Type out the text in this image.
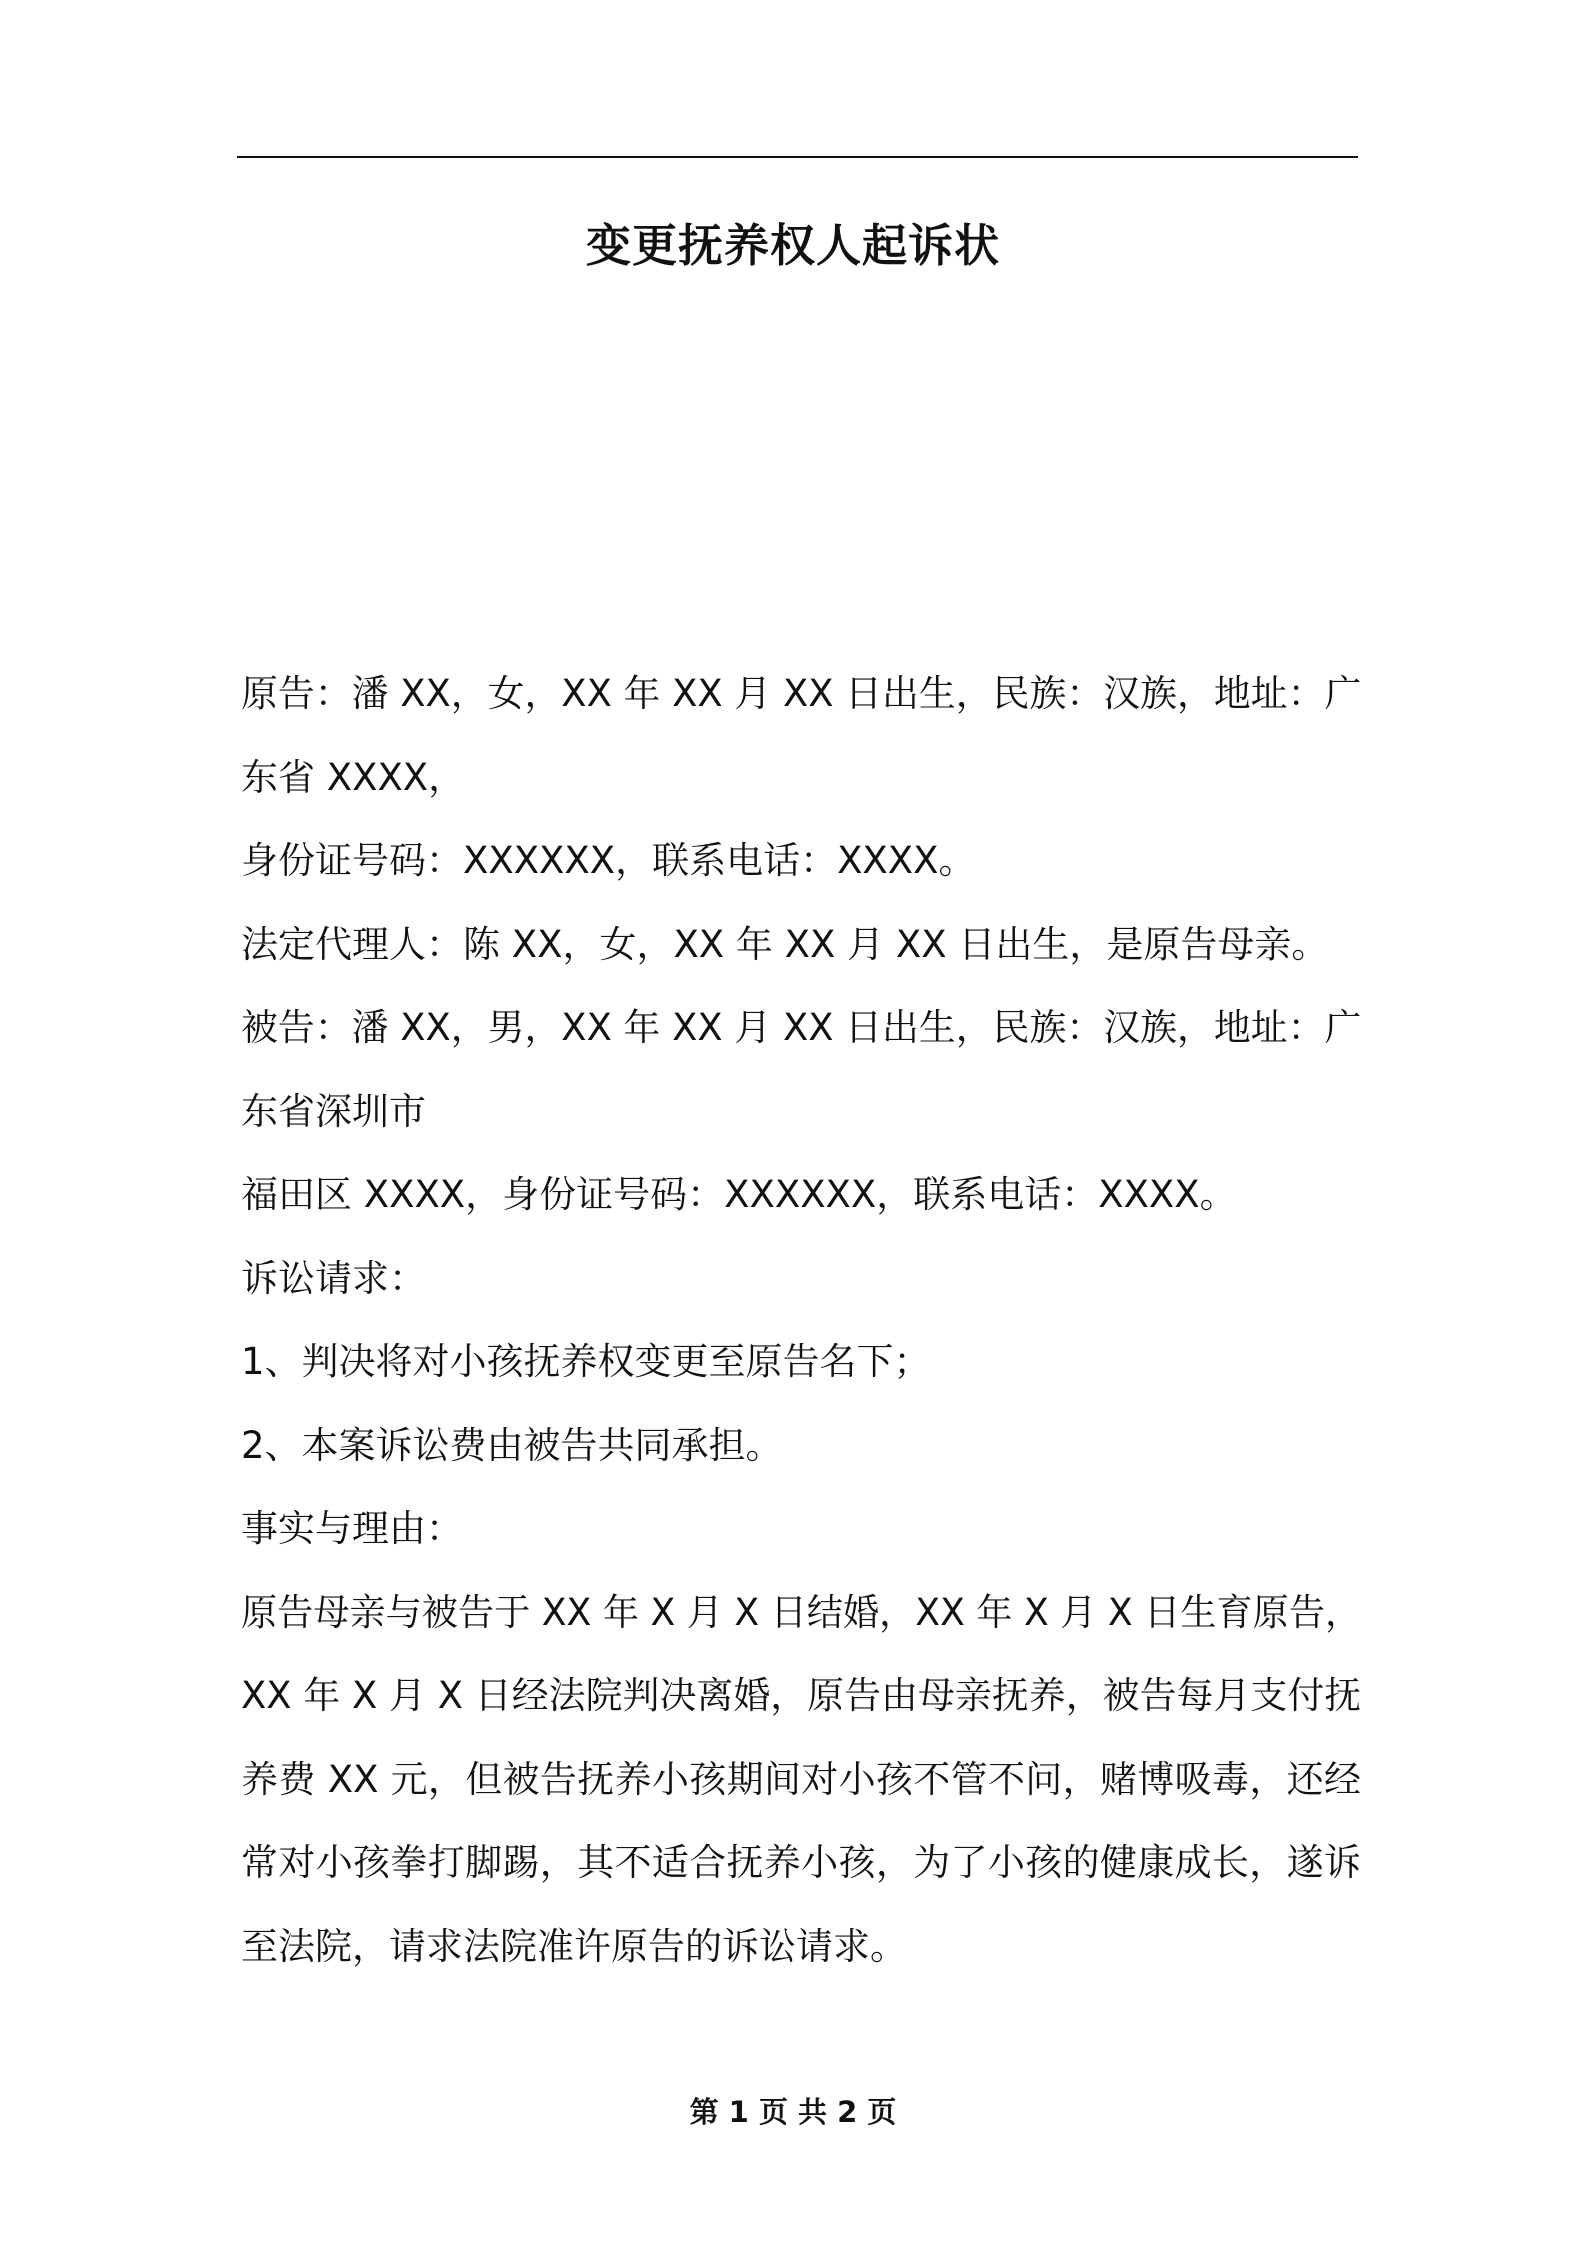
变更抚养权人起诉状
原告：潘 XX，女，XX 年 XX 月 XX 日出生，民族：汉族，地址：广
东省 XXXX，
身份证号码：XXXXXX，联系电话：XXXX。
法定代理人：陈 XX，女，XX 年 XX 月 XX 日出生，是原告母亲。
被告：潘 XX，男，XX 年 XX 月 XX 日出生，民族：汉族，地址：广
东省深圳市
福田区 XXXX，身份证号码：XXXXXX，联系电话：XXXX。
诉讼请求：
1、判决将对小孩抚养权变更至原告名下；
2、本案诉讼费由被告共同承担。
事实与理由：
原告母亲与被告于 XX 年 X 月 X 日结婚，XX 年 X 月 X 日生育原告，
XX 年 X 月 X 日经法院判决离婚，原告由母亲抚养，被告每月支付抚
养费 XX 元，但被告抚养小孩期间对小孩不管不问，赌博吸毒，还经
常对小孩拳打脚踢，其不适合抚养小孩，为了小孩的健康成长，遂诉
至法院，请求法院准许原告的诉讼请求。
第 1 页 共 2 页
